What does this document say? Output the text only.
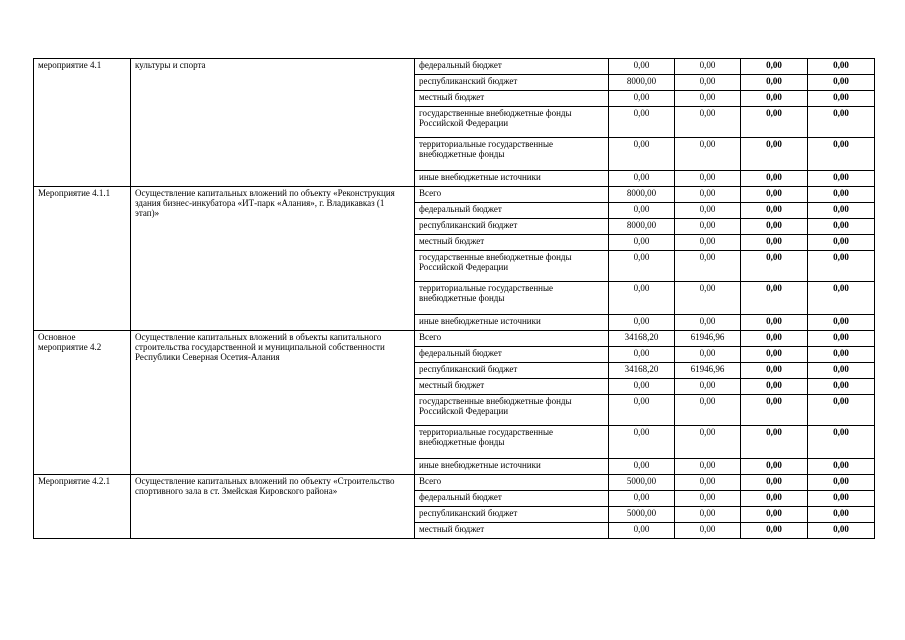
мероприятие 4.1	культуры и спорта	федеральный бюджет	0,00	0,00	0,00	0,00
		республиканский бюджет	8000,00	0,00	0,00	0,00
		местный бюджет	0,00	0,00	0,00	0,00
		государственные внебюджетные фонды Российской Федерации	0,00	0,00	0,00	0,00
		территориальные государственные внебюджетные фонды	0,00	0,00	0,00	0,00
		иные внебюджетные источники	0,00	0,00	0,00	0,00
Мероприятие 4.1.1	Осуществление капитальных вложений по объекту «Реконструкция здания бизнес-инкубатора «ИТ-парк «Алания», г. Владикавказ (1 этап)»	Всего	8000,00	0,00	0,00	0,00
		федеральный бюджет	0,00	0,00	0,00	0,00
		республиканский бюджет	8000,00	0,00	0,00	0,00
		местный бюджет	0,00	0,00	0,00	0,00
		государственные внебюджетные фонды Российской Федерации	0,00	0,00	0,00	0,00
		территориальные государственные внебюджетные фонды	0,00	0,00	0,00	0,00
		иные внебюджетные источники	0,00	0,00	0,00	0,00
Основное мероприятие 4.2	Осуществление капитальных вложений в объекты капитального строительства государственной и муниципальной собственности Республики Северная Осетия-Алания	Всего	34168,20	61946,96	0,00	0,00
		федеральный бюджет	0,00	0,00	0,00	0,00
		республиканский бюджет	34168,20	61946,96	0,00	0,00
		местный бюджет	0,00	0,00	0,00	0,00
		государственные внебюджетные фонды Российской Федерации	0,00	0,00	0,00	0,00
		территориальные государственные внебюджетные фонды	0,00	0,00	0,00	0,00
		иные внебюджетные источники	0,00	0,00	0,00	0,00
Мероприятие 4.2.1	Осуществление капитальных вложений по объекту «Строительство спортивного зала в ст. Змейская Кировского района»	Всего	5000,00	0,00	0,00	0,00
		федеральный бюджет	0,00	0,00	0,00	0,00
		республиканский бюджет	5000,00	0,00	0,00	0,00
		местный бюджет	0,00	0,00	0,00	0,00
